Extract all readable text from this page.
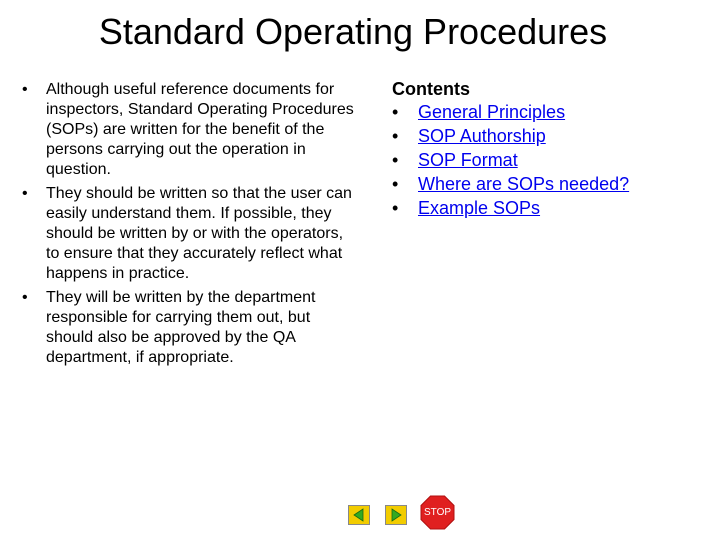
Standard Operating Procedures
• Although useful reference documents for inspectors, Standard Operating Procedures (SOPs) are written for the benefit of the persons carrying out the operation in question.
• They should be written so that the user can easily understand them. If possible, they should be written by or with the operators, to ensure that they accurately reflect what happens in practice.
• They will be written by the department responsible for carrying them out, but should also be approved by the QA department, if appropriate.

Contents

• General Principles
• SOP Authorship
• SOP Format
• Where are SOPs needed?
• Example SOPs
STOP
